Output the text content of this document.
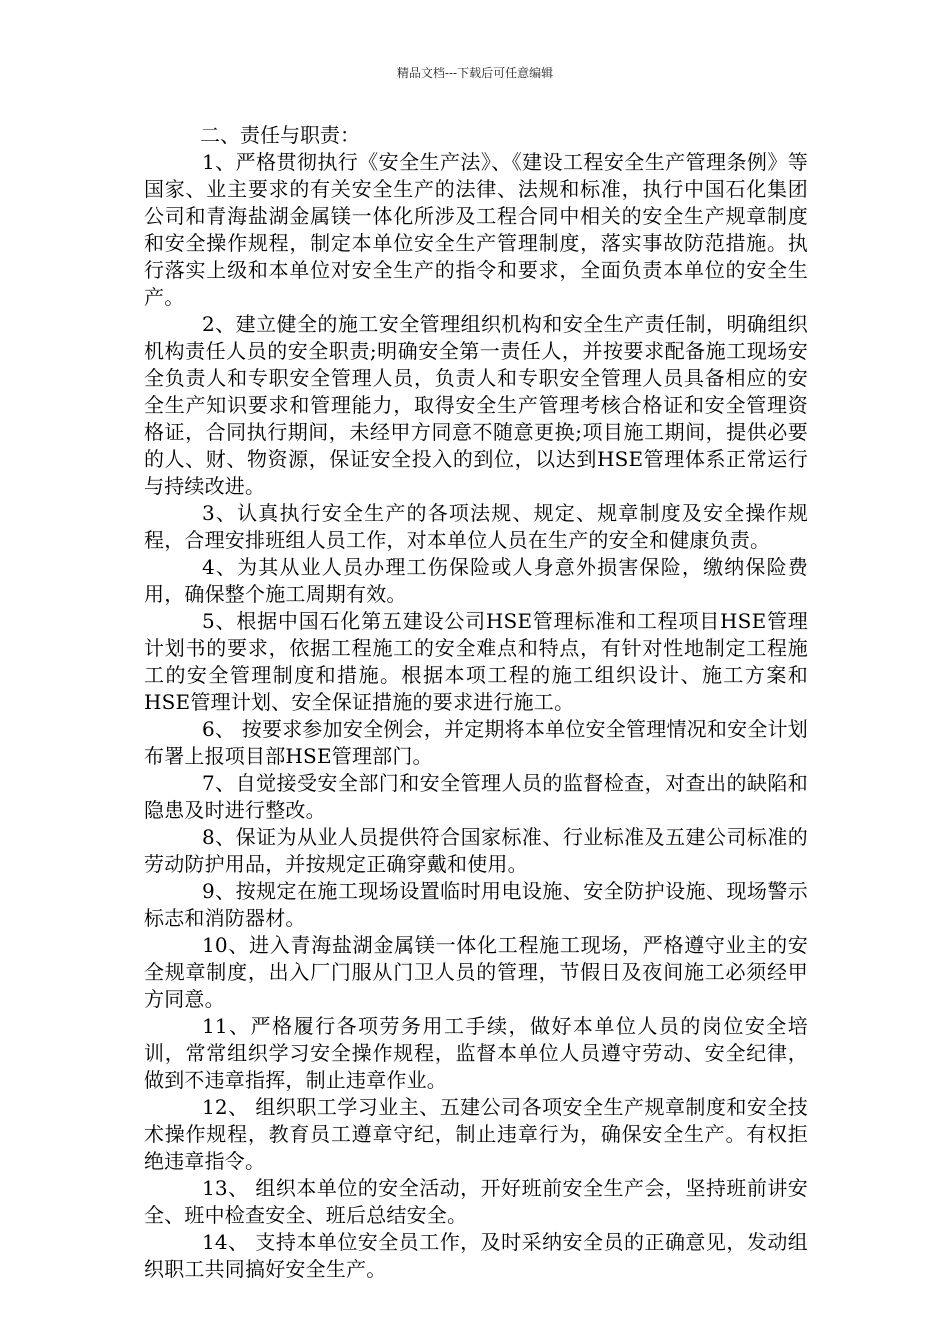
精品文档---下载后可任意编辑

二、责任与职责：

1、严格贯彻执行《安全生产法》、《建设工程安全生产管理条例》等国家、业主要求的有关安全生产的法律、法规和标准，执行中国石化集团公司和青海盐湖金属镁一体化所涉及工程合同中相关的安全生产规章制度和安全操作规程，制定本单位安全生产管理制度，落实事故防范措施。执行落实上级和本单位对安全生产的指令和要求，全面负责本单位的安全生产。

2、建立健全的施工安全管理组织机构和安全生产责任制，明确组织机构责任人员的安全职责;明确安全第一责任人，并按要求配备施工现场安全负责人和专职安全管理人员，负责人和专职安全管理人员具备相应的安全生产知识要求和管理能力，取得安全生产管理考核合格证和安全管理资格证，合同执行期间，未经甲方同意不随意更换;项目施工期间，提供必要的人、财、物资源，保证安全投入的到位，以达到HSE管理体系正常运行与持续改进。

3、认真执行安全生产的各项法规、规定、规章制度及安全操作规程，合理安排班组人员工作，对本单位人员在生产的安全和健康负责。

4、为其从业人员办理工伤保险或人身意外损害保险，缴纳保险费用，确保整个施工周期有效。

5、根据中国石化第五建设公司HSE管理标准和工程项目HSE管理计划书的要求，依据工程施工的安全难点和特点，有针对性地制定工程施工的安全管理制度和措施。根据本项工程的施工组织设计、施工方案和HSE管理计划、安全保证措施的要求进行施工。

6、 按要求参加安全例会，并定期将本单位安全管理情况和安全计划布署上报项目部HSE管理部门。

7、自觉接受安全部门和安全管理人员的监督检查，对查出的缺陷和隐患及时进行整改。

8、保证为从业人员提供符合国家标准、行业标准及五建公司标准的劳动防护用品，并按规定正确穿戴和使用。

9、按规定在施工现场设置临时用电设施、安全防护设施、现场警示标志和消防器材。

10、进入青海盐湖金属镁一体化工程施工现场，严格遵守业主的安全规章制度，出入厂门服从门卫人员的管理，节假日及夜间施工必须经甲方同意。

11、严格履行各项劳务用工手续，做好本单位人员的岗位安全培训，常常组织学习安全操作规程，监督本单位人员遵守劳动、安全纪律，做到不违章指挥，制止违章作业。

12、 组织职工学习业主、五建公司各项安全生产规章制度和安全技术操作规程，教育员工遵章守纪，制止违章行为，确保安全生产。有权拒绝违章指令。

13、 组织本单位的安全活动，开好班前安全生产会，坚持班前讲安全、班中检查安全、班后总结安全。

14、 支持本单位安全员工作，及时采纳安全员的正确意见，发动组织职工共同搞好安全生产。
